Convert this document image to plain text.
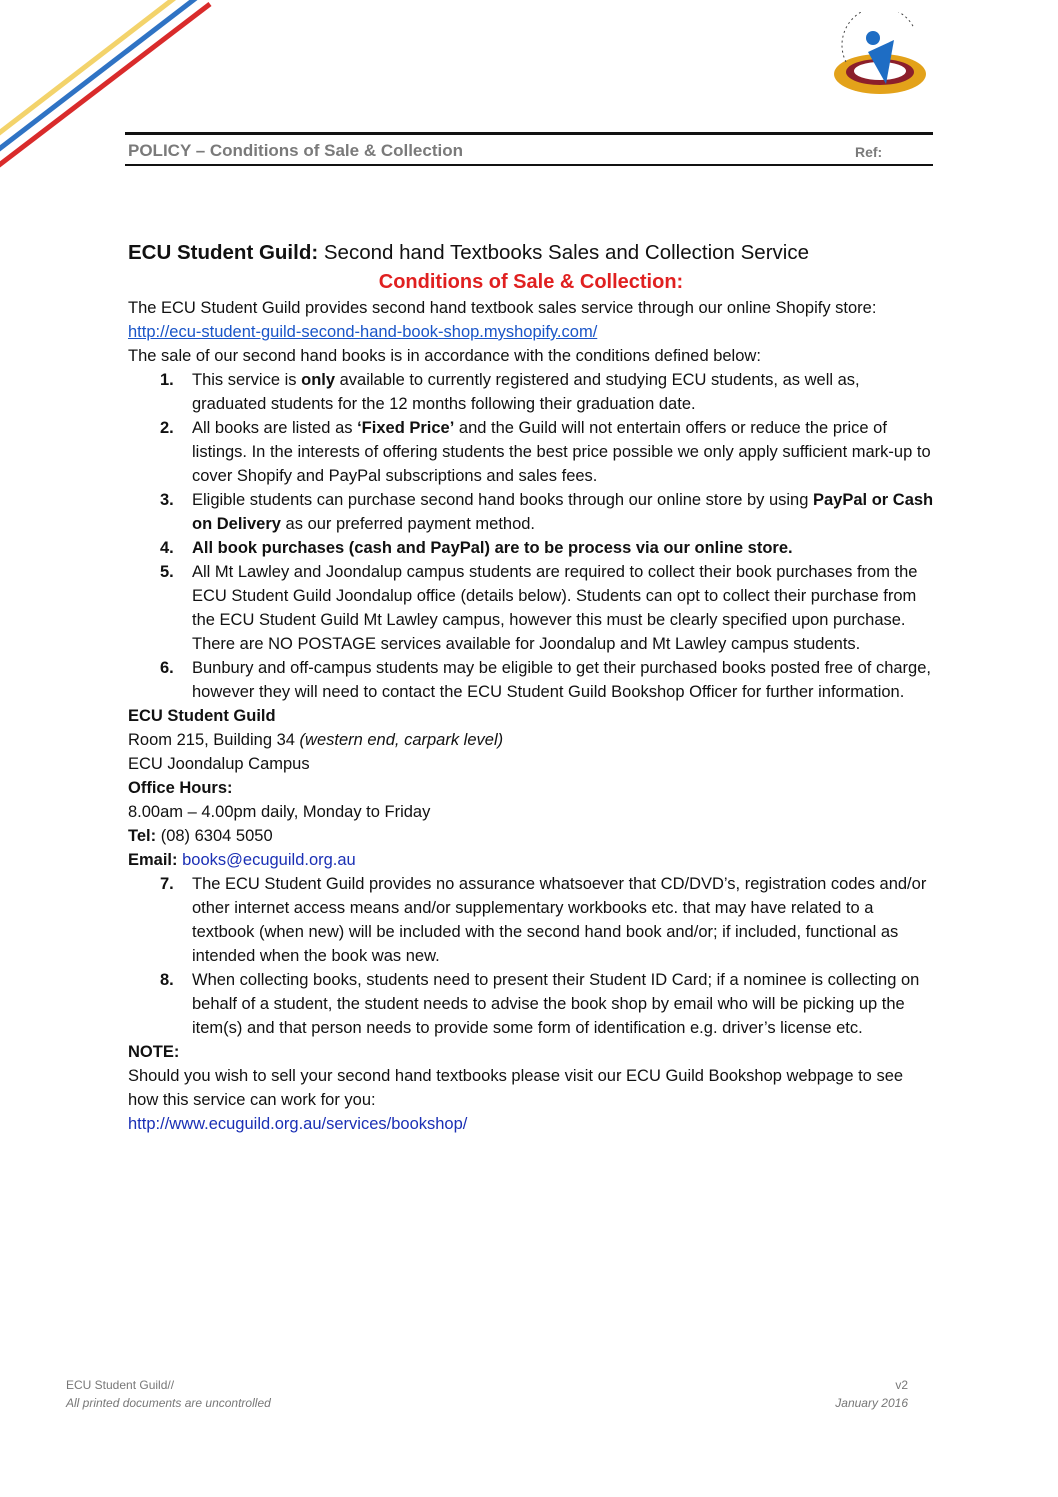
POLICY – Conditions of Sale & Collection	Ref:

ECU Student Guild: Second hand Textbooks Sales and Collection Service

Conditions of Sale & Collection:

The ECU Student Guild provides second hand textbook sales service through our online Shopify store:

http://ecu-student-guild-second-hand-book-shop.myshopify.com/

The sale of our second hand books is in accordance with the conditions defined below:

1. This service is only available to currently registered and studying ECU students, as well as, graduated students for the 12 months following their graduation date.
2. All books are listed as ‘Fixed Price’ and the Guild will not entertain offers or reduce the price of listings. In the interests of offering students the best price possible we only apply sufficient mark-up to cover Shopify and PayPal subscriptions and sales fees.
3. Eligible students can purchase second hand books through our online store by using PayPal or Cash on Delivery as our preferred payment method.
4. All book purchases (cash and PayPal) are to be process via our online store.
5. All Mt Lawley and Joondalup campus students are required to collect their book purchases from the ECU Student Guild Joondalup office (details below). Students can opt to collect their purchase from the ECU Student Guild Mt Lawley campus, however this must be clearly specified upon purchase. There are NO POSTAGE services available for Joondalup and Mt Lawley campus students.
6. Bunbury and off-campus students may be eligible to get their purchased books posted free of charge, however they will need to contact the ECU Student Guild Bookshop Officer for further information.

ECU Student Guild

Room 215, Building 34 (western end, carpark level)

ECU Joondalup Campus

Office Hours:

8.00am – 4.00pm daily, Monday to Friday

Tel: (08) 6304 5050

Email: books@ecuguild.org.au

7. The ECU Student Guild provides no assurance whatsoever that CD/DVD’s, registration codes and/or other internet access means and/or supplementary workbooks etc. that may have related to a textbook (when new) will be included with the second hand book and/or; if included, functional as intended when the book was new.
8. When collecting books, students need to present their Student ID Card; if a nominee is collecting on behalf of a student, the student needs to advise the book shop by email who will be picking up the item(s) and that person needs to provide some form of identification e.g. driver’s license etc.

NOTE:

Should you wish to sell your second hand textbooks please visit our ECU Guild Bookshop webpage to see how this service can work for you:

http://www.ecuguild.org.au/services/bookshop/

ECU Student Guild//
All printed documents are uncontrolled
v2
January 2016
